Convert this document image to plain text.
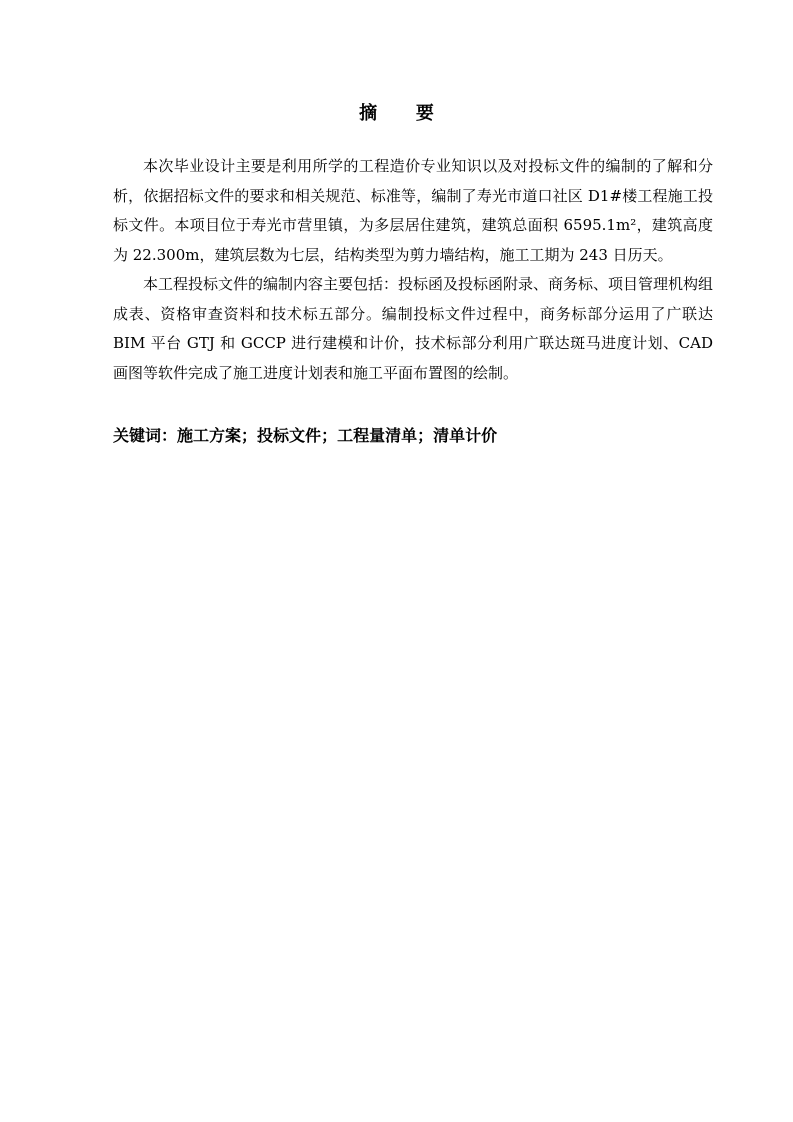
摘 要

本次毕业设计主要是利用所学的工程造价专业知识以及对投标文件的编制的了解和分析，依据招标文件的要求和相关规范、标准等，编制了寿光市道口社区 D1#楼工程施工投标文件。本项目位于寿光市营里镇，为多层居住建筑，建筑总面积 6595.1m²，建筑高度为 22.300m，建筑层数为七层，结构类型为剪力墙结构，施工工期为 243 日历天。

本工程投标文件的编制内容主要包括：投标函及投标函附录、商务标、项目管理机构组成表、资格审查资料和技术标五部分。编制投标文件过程中，商务标部分运用了广联达 BIM 平台 GTJ 和 GCCP 进行建模和计价，技术标部分利用广联达斑马进度计划、CAD 画图等软件完成了施工进度计划表和施工平面布置图的绘制。

关键词：施工方案；投标文件；工程量清单；清单计价
